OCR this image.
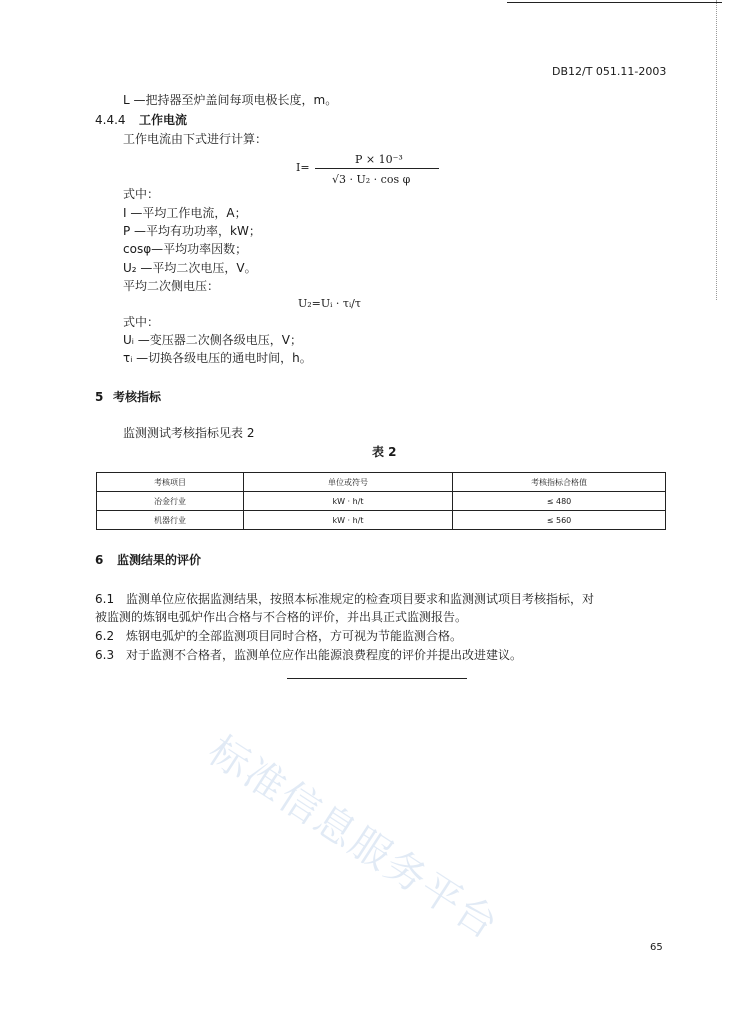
DB12/T 051.11-2003
L —把持器至炉盖间每项电极长度，m。
4.4.4 工作电流
工作电流由下式进行计算：
I=
P × 10⁻³
√3 · U₂ · cos φ
式中：
I —平均工作电流，A；
P —平均有功功率，kW；
cosφ—平均功率因数；
U₂ —平均二次电压，V。
平均二次侧电压：
U₂=Uᵢ · τᵢ/τ
式中：
Uᵢ —变压器二次侧各级电压，V；
τᵢ —切换各级电压的通电时间，h。
5 考核指标
监测测试考核指标见表 2
表 2
考核项目	单位或符号	考核指标合格值
冶金行业	kW · h/t	≤ 480
机器行业	kW · h/t	≤ 560
6 监测结果的评价
6.1 监测单位应依据监测结果，按照本标准规定的检查项目要求和监测测试项目考核指标，对
被监测的炼钢电弧炉作出合格与不合格的评价，并出具正式监测报告。
6.2 炼钢电弧炉的全部监测项目同时合格，方可视为节能监测合格。
6.3 对于监测不合格者，监测单位应作出能源浪费程度的评价并提出改进建议。
标准信息服务平台	65
